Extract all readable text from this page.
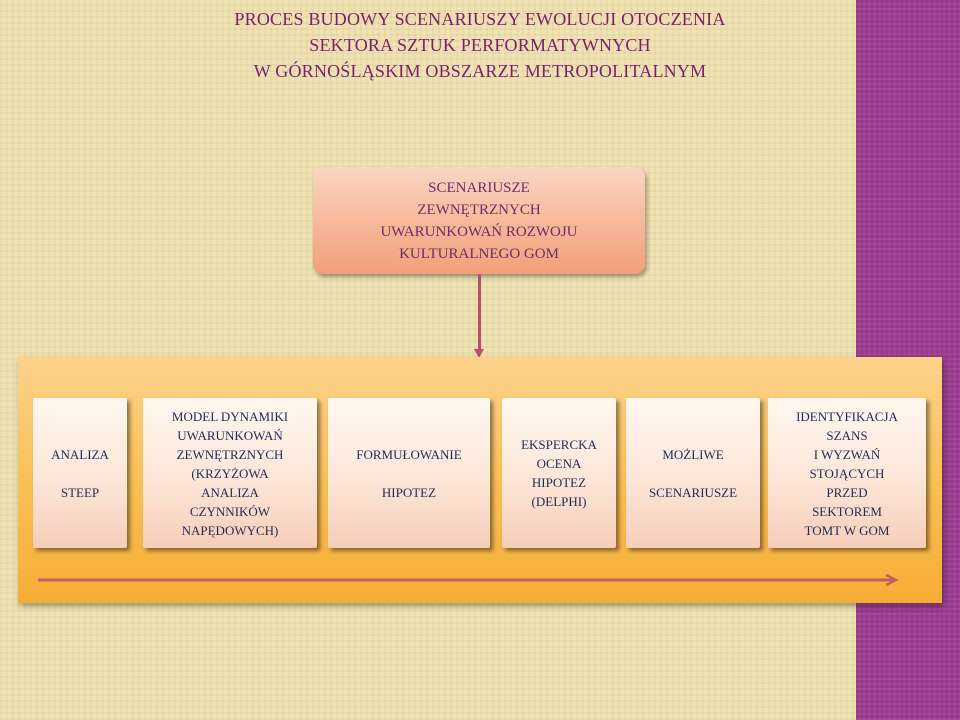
PROCES BUDOWY SCENARIUSZY EWOLUCJI OTOCZENIA
SEKTORA SZTUK PERFORMATYWNYCH
W GÓRNOŚLĄSKIM OBSZARZE METROPOLITALNYM
SCENARIUSZE
ZEWNĘTRZNYCH
UWARUNKOWAŃ ROZWOJU
KULTURALNEGO GOM
ANALIZA
STEEP
MODEL DYNAMIKI
UWARUNKOWAŃ
ZEWNĘTRZNYCH
(KRZYŻOWA
ANALIZA
CZYNNIKÓW
NAPĘDOWYCH)
FORMUŁOWANIE
HIPOTEZ
EKSPERCKA
OCENA
HIPOTEZ
(DELPHI)
MOŻLIWE
SCENARIUSZE
IDENTYFIKACJA
SZANS
I WYZWAŃ
STOJĄCYCH
PRZED
SEKTOREM
TOMT W GOM
